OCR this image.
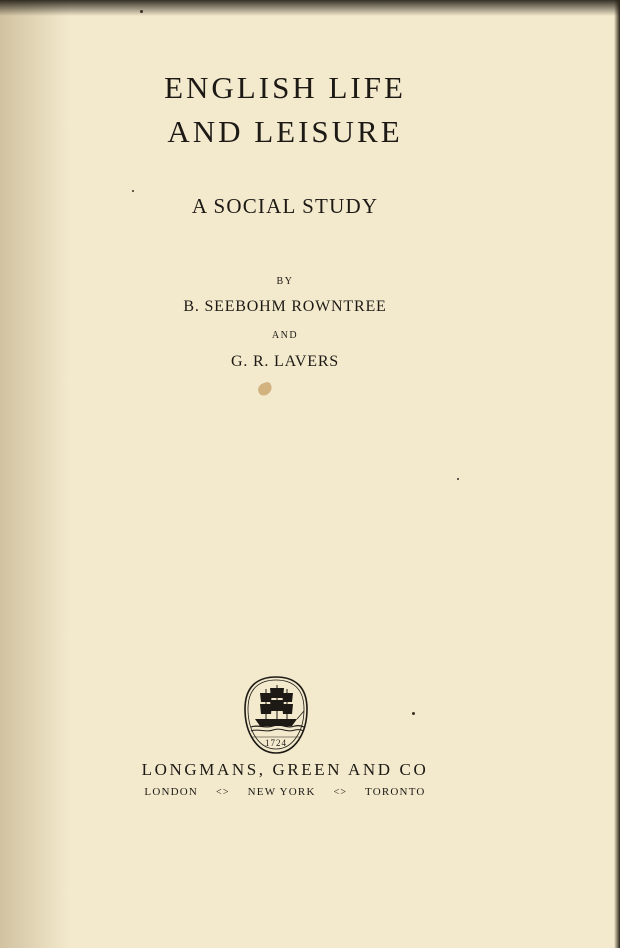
ENGLISH LIFE
AND LEISURE
A SOCIAL STUDY
BY
B. SEEBOHM ROWNTREE
AND
G. R. LAVERS
1724
LONGMANS, GREEN AND CO
LONDON <> NEW YORK <> TORONTO
